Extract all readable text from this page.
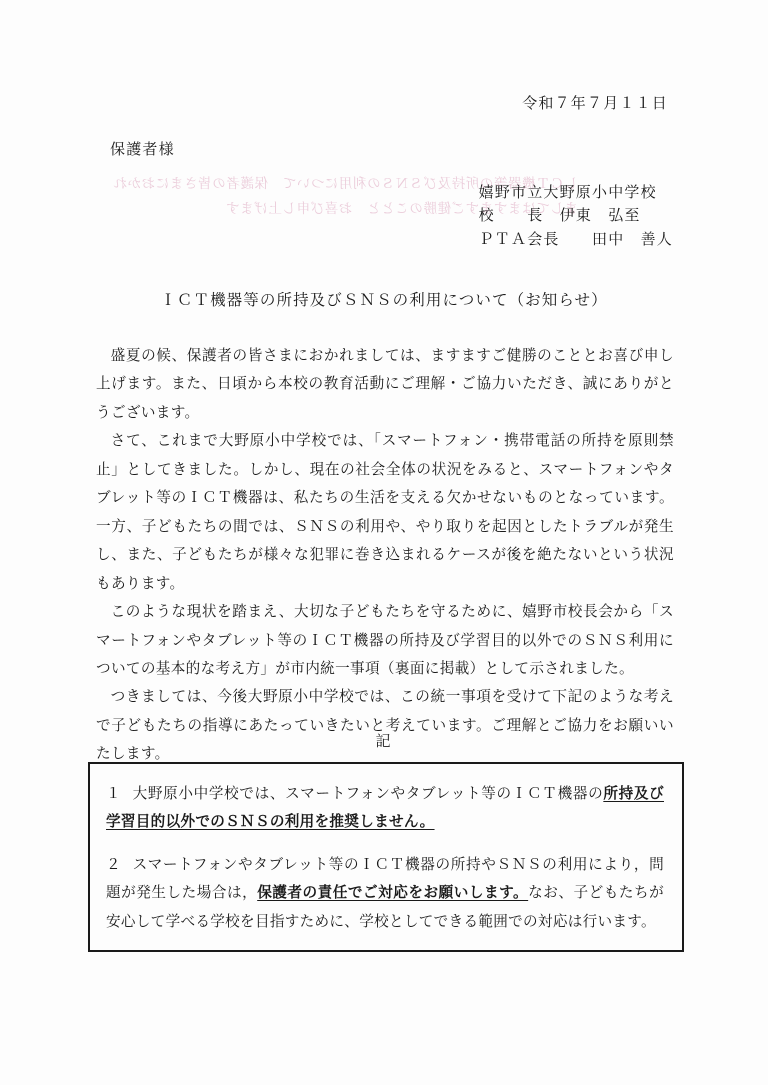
しＣＴ機器等の所持及びＳＮＳの利用について　保護者の皆さまにおかれましてはますますご健勝のことと　お喜び申し上げます
令和７年７月１１日
保護者様
嬉野市立大野原小中学校
校　　長　伊東　弘至
ＰＴＡ会長　　田中　善人
ＩＣＴ機器等の所持及びＳＮＳの利用について（お知らせ）

盛夏の候、保護者の皆さまにおかれましては、ますますご健勝のこととお喜び申し上げます。また、日頃から本校の教育活動にご理解・ご協力いただき、誠にありがとうございます。

さて、これまで大野原小中学校では、「スマートフォン・携帯電話の所持を原則禁止」としてきました。しかし、現在の社会全体の状況をみると、スマートフォンやタブレット等のＩＣＴ機器は、私たちの生活を支える欠かせないものとなっています。一方、子どもたちの間では、ＳＮＳの利用や、やり取りを起因としたトラブルが発生し、また、子どもたちが様々な犯罪に巻き込まれるケースが後を絶たないという状況もあります。

このような現状を踏まえ、大切な子どもたちを守るために、嬉野市校長会から「スマートフォンやタブレット等のＩＣＴ機器の所持及び学習目的以外でのＳＮＳ利用についての基本的な考え方」が市内統一事項（裏面に掲載）として示されました。

つきましては、今後大野原小中学校では、この統一事項を受けて下記のような考えで子どもたちの指導にあたっていきたいと考えています。ご理解とご協力をお願いいたします。

記

１ 大野原小中学校では、スマートフォンやタブレット等のＩＣＴ機器の所持及び学習目的以外でのＳＮＳの利用を推奨しません。

２ スマートフォンやタブレット等のＩＣＴ機器の所持やＳＮＳの利用により，問題が発生した場合は，保護者の責任でご対応をお願いします。なお、子どもたちが安心して学べる学校を目指すために、学校としてできる範囲での対応は行います。
